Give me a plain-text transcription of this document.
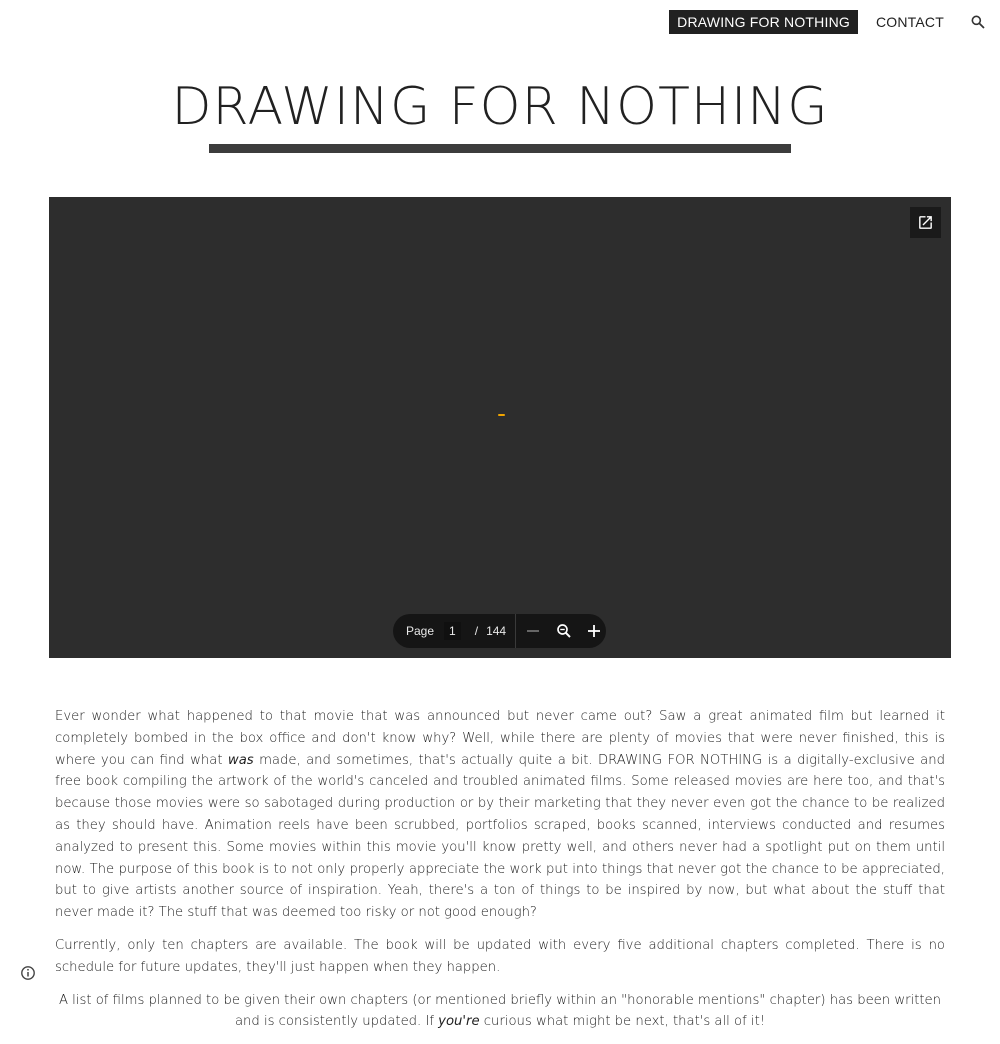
DRAWING FOR NOTHING	CONTACT
DRAWING FOR NOTHING
Page	1	/ 144

Ever wonder what happened to that movie that was announced but never came out? Saw a great animated film but learned it completely bombed in the box office and don't know why? Well, while there are plenty of movies that were never finished, this is where you can find what was made, and sometimes, that's actually quite a bit. DRAWING FOR NOTHING is a digitally-exclusive and free book compiling the artwork of the world's canceled and troubled animated films. Some released movies are here too, and that's because those movies were so sabotaged during production or by their marketing that they never even got the chance to be realized as they should have. Animation reels have been scrubbed, portfolios scraped, books scanned, interviews conducted and resumes analyzed to present this. Some movies within this movie you'll know pretty well, and others never had a spotlight put on them until now. The purpose of this book is to not only properly appreciate the work put into things that never got the chance to be appreciated, but to give artists another source of inspiration. Yeah, there's a ton of things to be inspired by now, but what about the stuff that never made it? The stuff that was deemed too risky or not good enough?

Currently, only ten chapters are available. The book will be updated with every five additional chapters completed. There is no schedule for future updates, they'll just happen when they happen.

A list of films planned to be given their own chapters (or mentioned briefly within an "honorable mentions" chapter) has been written and is consistently updated. If you're curious what might be next, that's all of it!
